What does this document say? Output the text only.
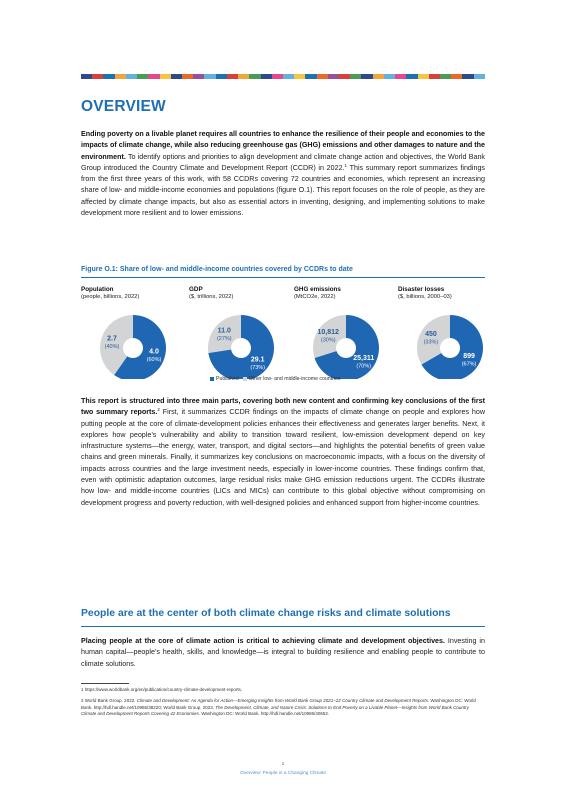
OVERVIEW

Ending poverty on a livable planet requires all countries to enhance the resilience of their people and economies to the impacts of climate change, while also reducing greenhouse gas (GHG) emissions and other damages to nature and the environment. To identify options and priorities to align development and climate change action and objectives, the World Bank Group introduced the Country Climate and Development Report (CCDR) in 2022.$^1$ This summary report summarizes findings from the first three years of this work, with 58 CCDRs covering 72 countries and economies, which represent an increasing share of low- and middle-income economies and populations (figure O.1). This report focuses on the role of people, as they are affected by climate change impacts, but also as essential actors in inventing, designing, and implementing solutions to make development more resilient and to lower emissions.

Figure O.1: Share of low- and middle-income countries covered by CCDRs to date
Population
(people, billions, 2022)
4.0
(60%)
2.7
(40%)
GDP
($, trillions, 2022)
29.1
(73%)
11.0
(27%)
GHG emissions
(MtCO2e, 2022)
25,311
(70%)
10,812
(30%)
Disaster losses
($, billions, 2000–03)
899
(67%)
450
(33%)
Published	Other low- and middle-income countries

This report is structured into three main parts, covering both new content and confirming key conclusions of the first two summary reports.$^2$ First, it summarizes CCDR findings on the impacts of climate change on people and explores how putting people at the core of climate-development policies enhances their effectiveness and generates larger benefits. Next, it explores how people’s vulnerability and ability to transition toward resilient, low-emission development depend on key infrastructure systems—the energy, water, transport, and digital sectors—and highlights the potential benefits of green value chains and green minerals. Finally, it summarizes key conclusions on macroeconomic impacts, with a focus on the diversity of impacts across countries and the large investment needs, especially in lower-income countries. These findings confirm that, even with optimistic adaptation outcomes, large residual risks make GHG emission reductions urgent. The CCDRs illustrate how low- and middle-income countries (LICs and MICs) can contribute to this global objective without compromising on development progress and poverty reduction, with well-designed policies and enhanced support from higher-income countries.

People are at the center of both climate change risks and climate solutions

Placing people at the core of climate action is critical to achieving climate and development objectives. Investing in human capital—people’s health, skills, and knowledge—is integral to building resilience and enabling people to contribute to climate solutions.

1 https://www.worldbank.org/en/publication/country-climate-development-reports.

2 World Bank Group. 2022. Climate and Development: An Agenda for Action—Emerging Insights from World Bank Group 2021–22 Country Climate and Development Reports. Washington DC: World Bank. http://hdl.handle.net/10986/38220; World Bank Group. 2023. The Development, Climate, and Nature Crisis: Solutions to End Poverty on a Livable Planet—Insights from World Bank Country Climate and Development Reports Covering 42 Economies. Washington DC: World Bank. http://hdl.handle.net/10986/40652.

1
Overview: People in a Changing Climate
